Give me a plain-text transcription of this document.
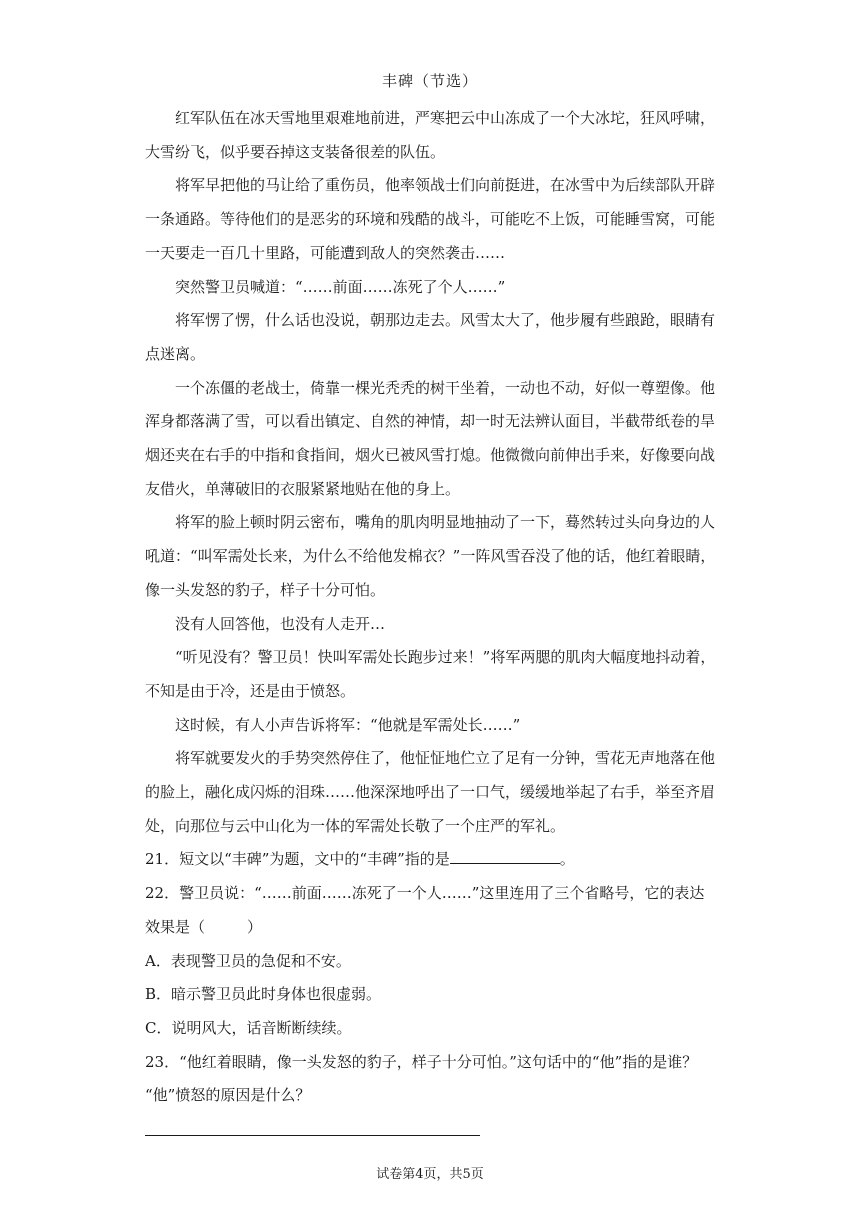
丰碑（节选）

红军队伍在冰天雪地里艰难地前进，严寒把云中山冻成了一个大冰坨，狂风呼啸，大雪纷飞，似乎要吞掉这支装备很差的队伍。

将军早把他的马让给了重伤员，他率领战士们向前挺进，在冰雪中为后续部队开辟一条通路。等待他们的是恶劣的环境和残酷的战斗，可能吃不上饭，可能睡雪窝，可能一天要走一百几十里路，可能遭到敌人的突然袭击……

突然警卫员喊道：“……前面……冻死了个人……”

将军愣了愣，什么话也没说，朝那边走去。风雪太大了，他步履有些踉跄，眼睛有点迷离。

一个冻僵的老战士，倚靠一棵光秃秃的树干坐着，一动也不动，好似一尊塑像。他浑身都落满了雪，可以看出镇定、自然的神情，却一时无法辨认面目，半截带纸卷的旱烟还夹在右手的中指和食指间，烟火已被风雪打熄。他微微向前伸出手来，好像要向战友借火，单薄破旧的衣服紧紧地贴在他的身上。

将军的脸上顿时阴云密布，嘴角的肌肉明显地抽动了一下，蓦然转过头向身边的人吼道：“叫军需处长来，为什么不给他发棉衣？”一阵风雪吞没了他的话，他红着眼睛，像一头发怒的豹子，样子十分可怕。

没有人回答他，也没有人走开…

“听见没有？警卫员！快叫军需处长跑步过来！”将军两腮的肌肉大幅度地抖动着，不知是由于冷，还是由于愤怒。

这时候，有人小声告诉将军：“他就是军需处长……”

将军就要发火的手势突然停住了，他怔怔地伫立了足有一分钟，雪花无声地落在他的脸上，融化成闪烁的泪珠……他深深地呼出了一口气，缓缓地举起了右手，举至齐眉处，向那位与云中山化为一体的军需处长敬了一个庄严的军礼。

21．短文以“丰碑”为题，文中的“丰碑”指的是	。

22．警卫员说：“……前面……冻死了一个人……”这里连用了三个省略号，它的表达效果是（	）

A．表现警卫员的急促和不安。

B．暗示警卫员此时身体也很虚弱。

C．说明风大，话音断断续续。

23．“他红着眼睛，像一头发怒的豹子，样子十分可怕。”这句话中的“他”指的是谁？

“他”愤怒的原因是什么？

试卷第4页，共5页
